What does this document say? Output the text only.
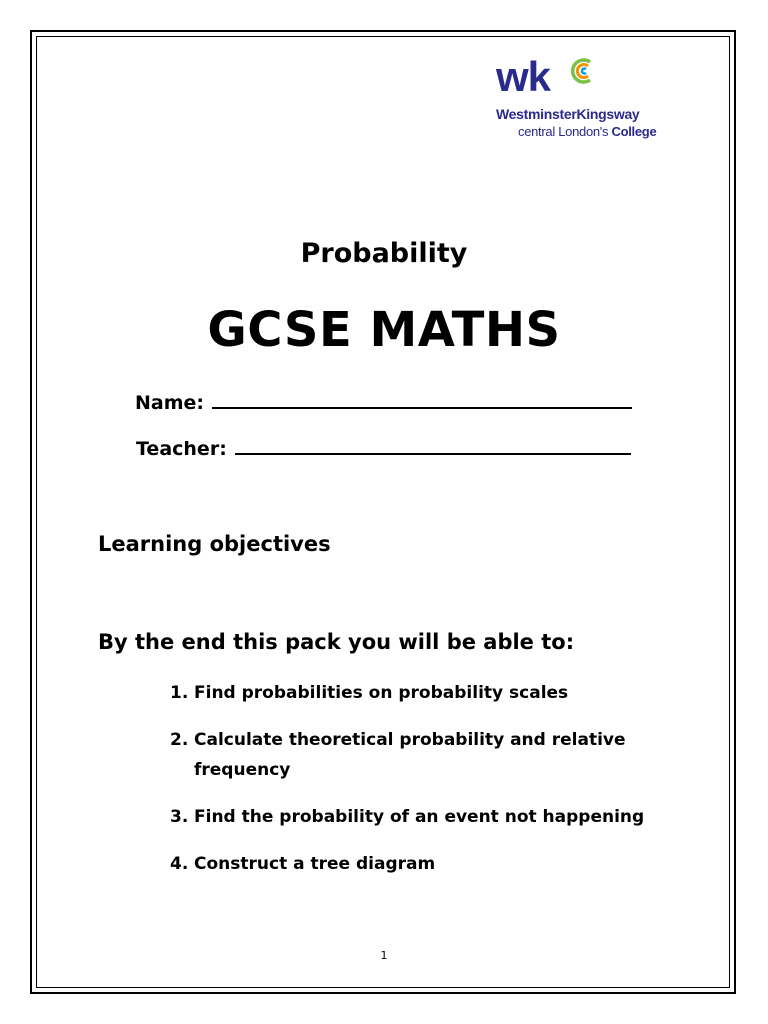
wk
WestminsterKingsway
central London's College
Probability
GCSE MATHS
Name:
Teacher:
Learning objectives
By the end this pack you will be able to:
1. Find probabilities on probability scales
2. Calculate theoretical probability and relative frequency
3. Find the probability of an event not happening
4. Construct a tree diagram
1
